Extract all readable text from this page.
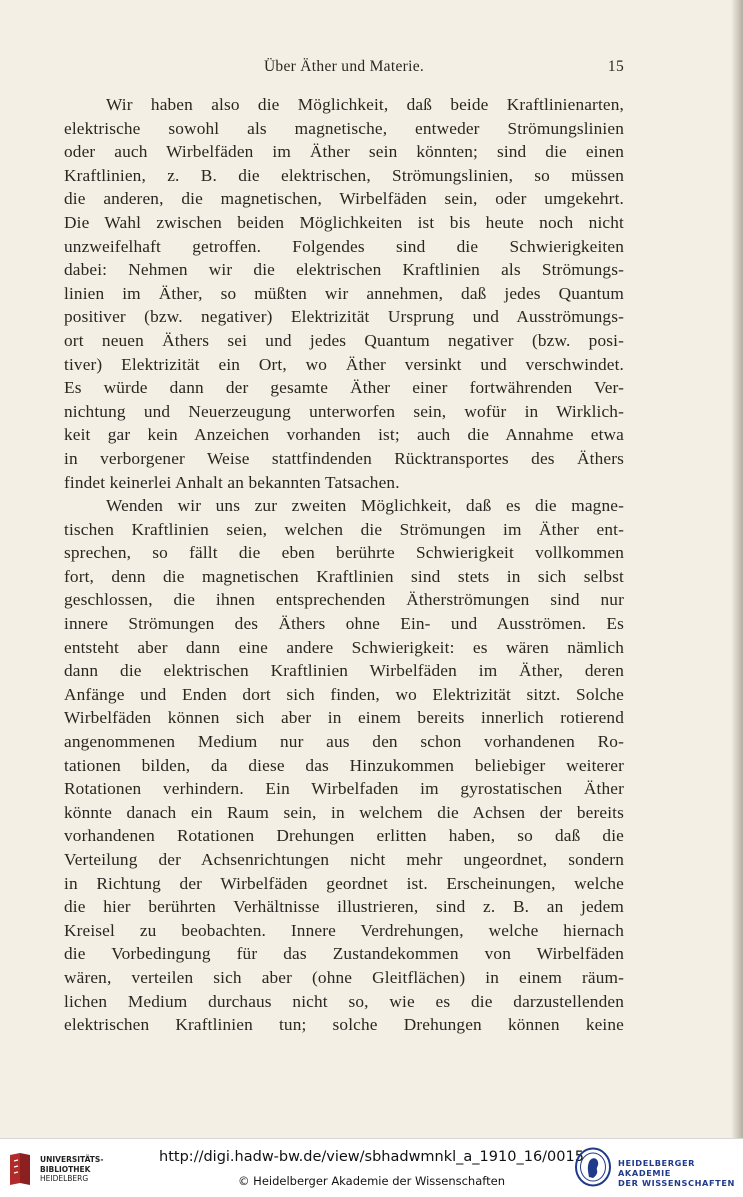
Über Äther und Materie.	15
Wir haben also die Möglichkeit, daß beide Kraftlinienarten,
elektrische sowohl als magnetische, entweder Strömungslinien
oder auch Wirbelfäden im Äther sein könnten; sind die einen
Kraftlinien, z. B. die elektrischen, Strömungslinien, so müssen
die anderen, die magnetischen, Wirbelfäden sein, oder umgekehrt.
Die Wahl zwischen beiden Möglichkeiten ist bis heute noch nicht
unzweifelhaft getroffen. Folgendes sind die Schwierigkeiten
dabei: Nehmen wir die elektrischen Kraftlinien als Strömungs-
linien im Äther, so müßten wir annehmen, daß jedes Quantum
positiver (bzw. negativer) Elektrizität Ursprung und Ausströmungs-
ort neuen Äthers sei und jedes Quantum negativer (bzw. posi-
tiver) Elektrizität ein Ort, wo Äther versinkt und verschwindet.
Es würde dann der gesamte Äther einer fortwährenden Ver-
nichtung und Neuerzeugung unterworfen sein, wofür in Wirklich-
keit gar kein Anzeichen vorhanden ist; auch die Annahme etwa
in verborgener Weise stattfindenden Rücktransportes des Äthers
findet keinerlei Anhalt an bekannten Tatsachen.
Wenden wir uns zur zweiten Möglichkeit, daß es die magne-
tischen Kraftlinien seien, welchen die Strömungen im Äther ent-
sprechen, so fällt die eben berührte Schwierigkeit vollkommen
fort, denn die magnetischen Kraftlinien sind stets in sich selbst
geschlossen, die ihnen entsprechenden Ätherströmungen sind nur
innere Strömungen des Äthers ohne Ein- und Ausströmen. Es
entsteht aber dann eine andere Schwierigkeit: es wären nämlich
dann die elektrischen Kraftlinien Wirbelfäden im Äther, deren
Anfänge und Enden dort sich finden, wo Elektrizität sitzt. Solche
Wirbelfäden können sich aber in einem bereits innerlich rotierend
angenommenen Medium nur aus den schon vorhandenen Ro-
tationen bilden, da diese das Hinzukommen beliebiger weiterer
Rotationen verhindern. Ein Wirbelfaden im gyrostatischen Äther
könnte danach ein Raum sein, in welchem die Achsen der bereits
vorhandenen Rotationen Drehungen erlitten haben, so daß die
Verteilung der Achsenrichtungen nicht mehr ungeordnet, sondern
in Richtung der Wirbelfäden geordnet ist. Erscheinungen, welche
die hier berührten Verhältnisse illustrieren, sind z. B. an jedem
Kreisel zu beobachten. Innere Verdrehungen, welche hiernach
die Vorbedingung für das Zustandekommen von Wirbelfäden
wären, verteilen sich aber (ohne Gleitflächen) in einem räum-
lichen Medium durchaus nicht so, wie es die darzustellenden
elektrischen Kraftlinien tun; solche Drehungen können keine
UNIVERSITÄTS-
BIBLIOTHEK
HEIDELBERG
http://digi.hadw-bw.de/view/sbhadwmnkl_a_1910_16/0015
© Heidelberger Akademie der Wissenschaften
HEIDELBERGER AKADEMIE
DER WISSENSCHAFTEN
